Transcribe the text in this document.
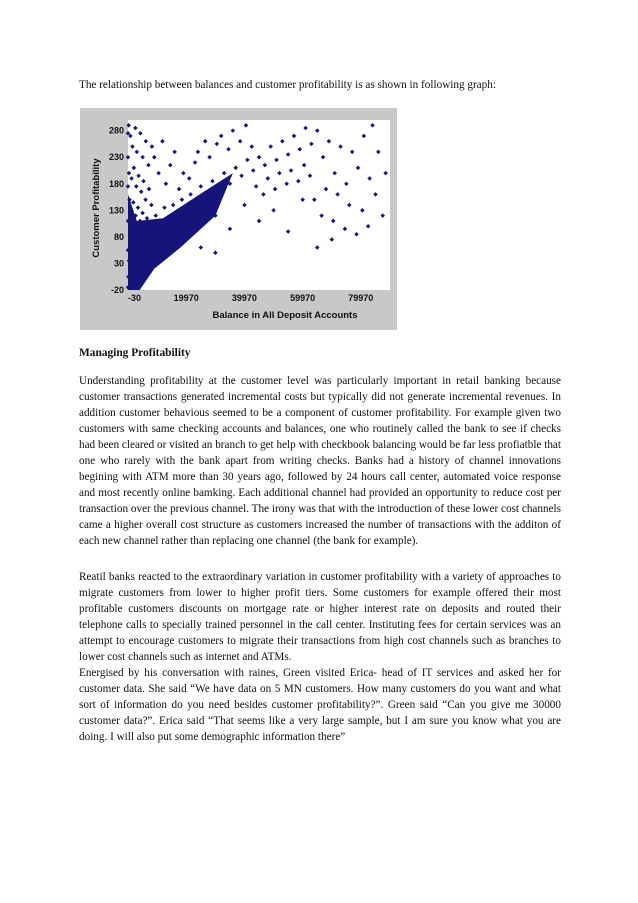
The relationship between balances and customer profitability is as shown in following graph:
-20
30
80
130
180
230
280
-30	19970	39970	59970	79970
Customer Profitability
Balance in All Deposit Accounts
Managing Profitability

Understanding profitability at the customer level was particularly important in retail banking because customer transactions generated incremental costs but typically did not generate incremental revenues. In addition customer behavious seemed to be a component of customer profitability. For example given two customers with same checking accounts and balances, one who routinely called the bank to see if checks had been cleared or visited an branch to get help with checkbook balancing would be far less profiatble that one who rarely with the bank apart from writing checks. Banks had a history of channel innovations begining with ATM more than 30 years ago, followed by 24 hours call center, automated voice response and most recently online bamking. Each additional channel had provided an opportunity to reduce cost per transaction over the previous channel. The irony was that with the introduction of these lower cost channels came a higher overall cost structure as customers increased the number of transactions with the additon of each new channel rather than replacing one channel (the bank for example).

Reatil banks reacted to the extraordinary variation in customer profitability with a variety of approaches to migrate customers from lower to higher profit tiers. Some customers for example offered their most profitable customers discounts on mortgage rate or higher interest rate on deposits and routed their telephone calls to specially trained personnel in the call center. Instituting fees for certain services was an attempt to encourage customers to migrate their transactions from high cost channels such as branches to lower cost channels such as internet and ATMs.

Energised by his conversation with raines, Green visited Erica- head of IT services and asked her for customer data. She said “We have data on 5 MN customers. How many customers do you want and what sort of information do you need besides customer profitability?”. Green said “Can you give me 30000 customer data?”. Erica said “That seems like a very large sample, but I am sure you know what you are doing. I will also put some demographic information there”
